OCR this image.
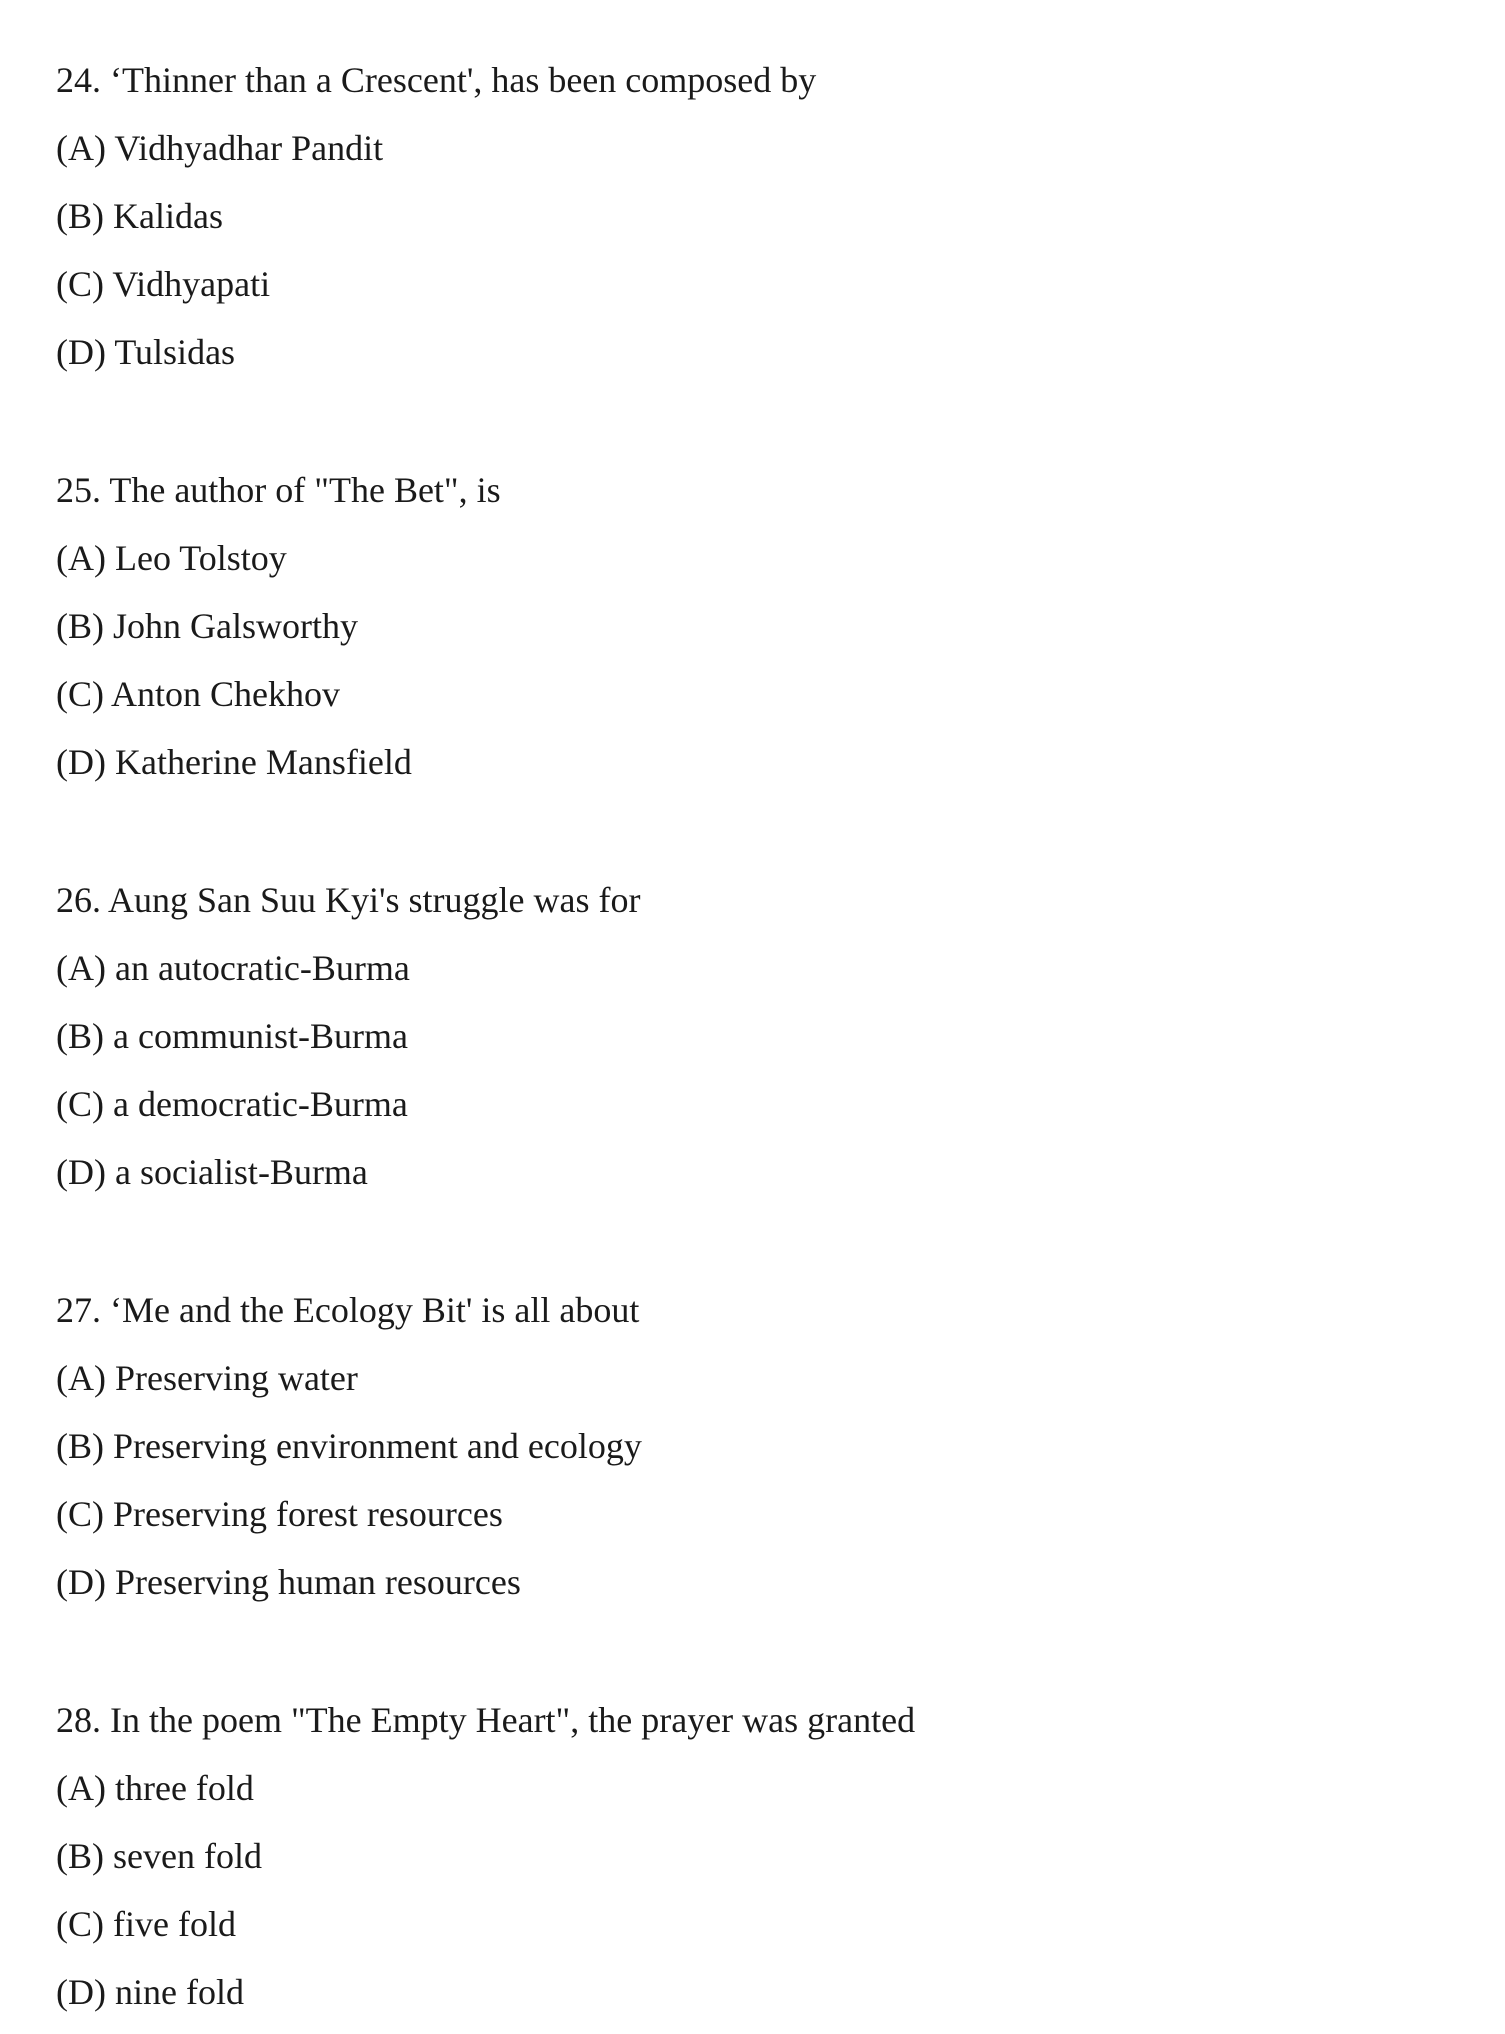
24. ‘Thinner than a Crescent', has been composed by
(A) Vidhyadhar Pandit
(B) Kalidas
(C) Vidhyapati
(D) Tulsidas
25. The author of "The Bet", is
(A) Leo Tolstoy
(B) John Galsworthy
(C) Anton Chekhov
(D) Katherine Mansfield
26. Aung San Suu Kyi's struggle was for
(A) an autocratic-Burma
(B) a communist-Burma
(C) a democratic-Burma
(D) a socialist-Burma
27. ‘Me and the Ecology Bit' is all about
(A) Preserving water
(B) Preserving environment and ecology
(C) Preserving forest resources
(D) Preserving human resources
28. In the poem "The Empty Heart", the prayer was granted
(A) three fold
(B) seven fold
(C) five fold
(D) nine fold
